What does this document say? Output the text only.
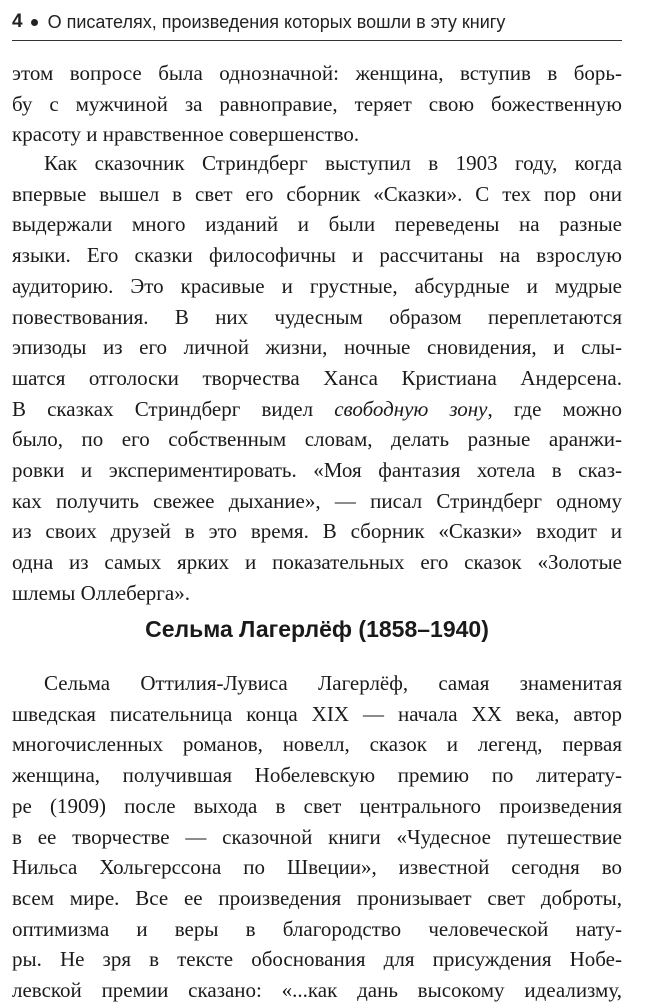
4 О писателях, произведения которых вошли в эту книгу
этом вопросе была однозначной: женщина, вступив в борь-
бу с мужчиной за равноправие, теряет свою божественную
красоту и нравственное совершенство.
Как сказочник Стриндберг выступил в 1903 году, когда
впервые вышел в свет его сборник «Сказки». С тех пор они
выдержали много изданий и были переведены на разные
языки. Его сказки философичны и рассчитаны на взрослую
аудиторию. Это красивые и грустные, абсурдные и мудрые
повествования. В них чудесным образом переплетаются
эпизоды из его личной жизни, ночные сновидения, и слы-
шатся отголоски творчества Ханса Кристиана Андерсена.
В сказках Стриндберг видел свободную зону, где можно
было, по его собственным словам, делать разные аранжи-
ровки и экспериментировать. «Моя фантазия хотела в сказ-
ках получить свежее дыхание», — писал Стриндберг одному
из своих друзей в это время. В сборник «Сказки» входит и
одна из самых ярких и показательных его сказок «Золотые
шлемы Оллеберга».
Сельма Лагерлёф (1858–1940)
Сельма Оттилия-Лувиса Лагерлёф, самая знаменитая
шведская писательница конца XIX — начала XX века, автор
многочисленных романов, новелл, сказок и легенд, первая
женщина, получившая Нобелевскую премию по литерату-
ре (1909) после выхода в свет центрального произведения
в ее творчестве — сказочной книги «Чудесное путешествие
Нильса Хольгерссона по Швеции», известной сегодня во
всем мире. Все ее произведения пронизывает свет доброты,
оптимизма и веры в благородство человеческой нату-
ры. Не зря в тексте обоснования для присуждения Нобе-
левской премии сказано: «...как дань высокому идеализму,
